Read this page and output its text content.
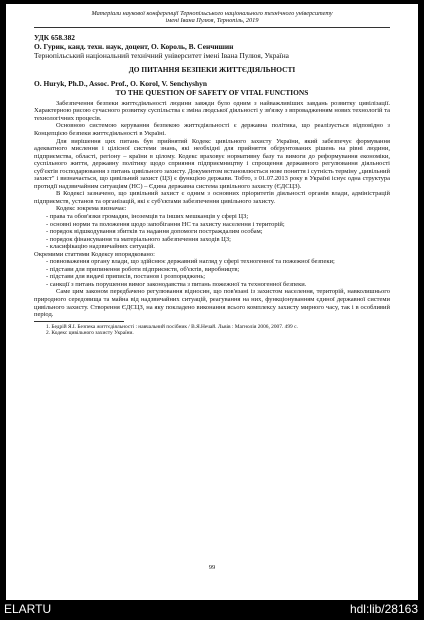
Матеріали наукової конференції Тернопільського національного технічного університету
імені Івана Пулюя, Тернопіль, 2019
УДК 658.382
О. Гурик, канд. техн. наук, доцент, О. Король, В. Сенчишин
Тернопільський національний технічний університет імені Івана Пулюя, Україна
ДО ПИТАННЯ БЕЗПЕКИ ЖИТТЄДІЯЛЬНОСТІ
O. Huryk, Ph.D., Assoc. Prof., O. Korol, V. Senchyshyn
TO THE QUESTION OF SAFETY OF VITAL FUNCTIONS

Забезпечення безпеки життєдіяльності людини завжди було одним з найважливіших завдань розвитку цивілізації. Характерною рисою сучасного розвитку суспільства є зміна людської діяльності у зв'язку з впровадженням нових технологій та технологічних процесів.

Основною системою керування безпекою життєдіяльності є державна політика, що реалізується відповідно з Концепцією безпеки життєдіяльності в Україні.

Для вирішення цих питань був прийнятий Кодекс цивільного захисту України, який забезпечує формування адекватного мислення і цілісної системи знань, які необхідні для прийняття обґрунтованих рішень на рівні людини, підприємства, області, регіону – країни в цілому. Кодекс враховує нормативну базу та вимоги до реформування економіки, суспільного життя, державну політику щодо сприяння підприємництву і спрощення державного регулювання діяльності суб'єктів господарювання з питань цивільного захисту. Документом встановлюється нове поняття і сутність терміну „цивільний захист" і визначається, що цивільний захист (ЦЗ) є функцією держави. Тобто, з 01.07.2013 року в Україні існує одна структура протидії надзвичайним ситуаціям (НС) – Єдина державна система цивільного захисту (ЄДСЦЗ).

В Кодексі зазначено, що цивільний захист є одним з основних пріоритетів діяльності органів влади, адміністрацій підприємств, установ та організацій, які є суб'єктами забезпечення цивільного захисту.

Кодекс зокрема визначає:

- права та обов'язки громадян, іноземців та інших мешканців у сфері ЦЗ;
- основні норми та положення щодо запобігання НС та захисту населення і територій;
- порядок відшкодування збитків та надання допомоги постраждалим особам;
- порядок фінансування та матеріального забезпечення заходів ЦЗ;
- класифікацію надзвичайних ситуацій.

Окремими статтями Кодексу впорядковано:

- повноваження органу влади, що здійснює державний нагляд у сфері техногенної та пожежної безпеки;
- підстави для припинення роботи підприємств, об'єктів, виробництв;
- підстави для видачі приписів, постанов і розпоряджень;
- санкції з питань порушення вимог законодавства з питань пожежної та техногенної безпеки.

Саме цим законом передбачено регулювання відносин, що пов'язані із захистом населення, територій, навколишнього природного середовища та майна від надзвичайних ситуацій, реагування на них, функціонуванням єдиної державної системи цивільного захисту. Створення ЄДСЦЗ, на яку покладено виконання всього комплексу захисту мирного часу, так і в особливий період.

1. Бедрій Я.І. Безпека життєдіяльності : навчальний посібник / В.Я.Нечай. Львів : Магнолія 2006, 2007. 499 с.
2. Кодекс цивільного захисту України.
99
ELARTU	hdl:lib/28163
